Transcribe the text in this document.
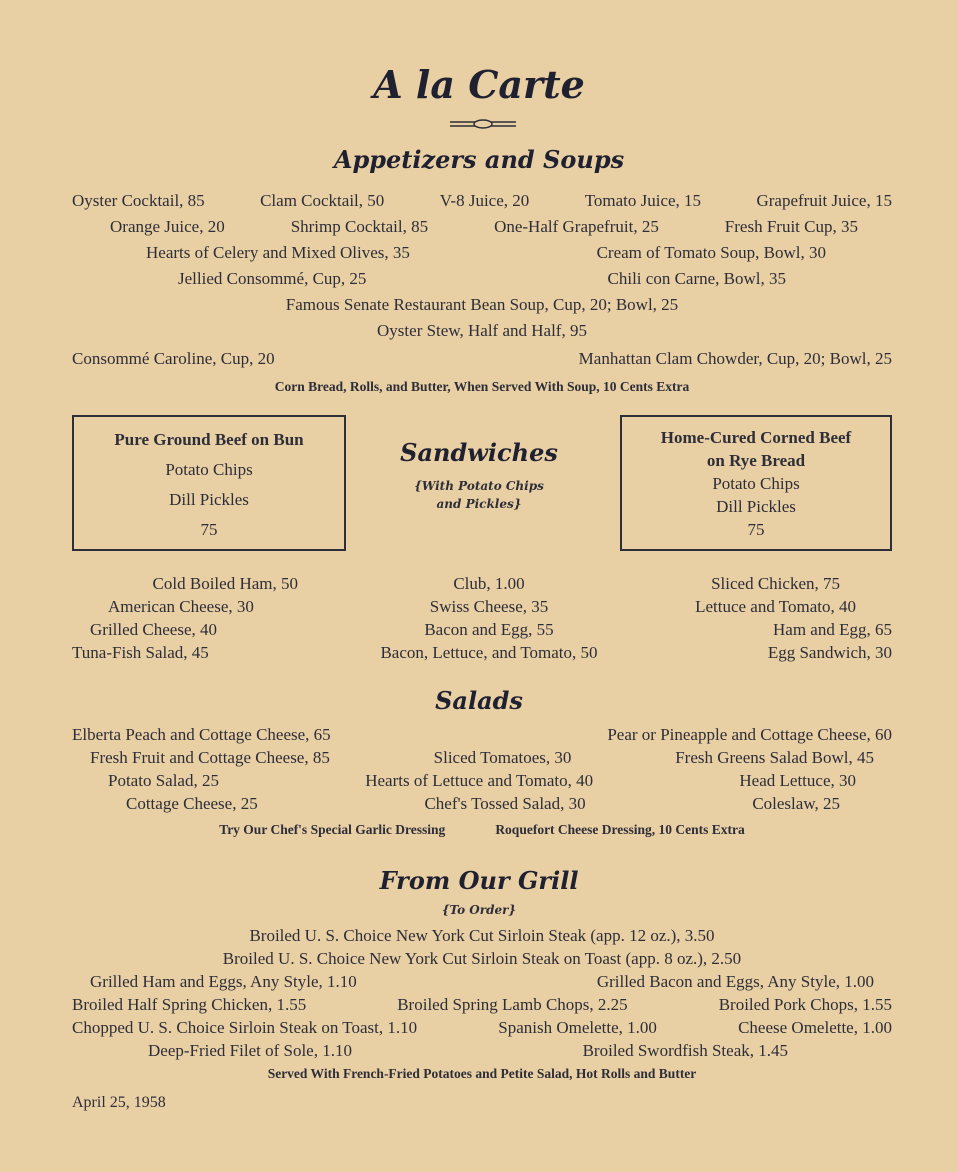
A la Carte
Appetizers and Soups
Oyster Cocktail, 85	Clam Cocktail, 50	V-8 Juice, 20	Tomato Juice, 15	Grapefruit Juice, 15
Orange Juice, 20	Shrimp Cocktail, 85	One-Half Grapefruit, 25	Fresh Fruit Cup, 35
Hearts of Celery and Mixed Olives, 35	Cream of Tomato Soup, Bowl, 30
Jellied Consommé, Cup, 25	Chili con Carne, Bowl, 35
Famous Senate Restaurant Bean Soup, Cup, 20; Bowl, 25
Oyster Stew, Half and Half, 95
Consommé Caroline, Cup, 20	Manhattan Clam Chowder, Cup, 20; Bowl, 25
Corn Bread, Rolls, and Butter, When Served With Soup, 10 Cents Extra
Pure Ground Beef on Bun
Potato Chips
Dill Pickles
75
Sandwiches
{With Potato Chips
and Pickles}
Home-Cured Corned Beef
on Rye Bread
Potato Chips
Dill Pickles
75
Cold Boiled Ham, 50
American Cheese, 30
Grilled Cheese, 40
Tuna-Fish Salad, 45
Club, 1.00
Swiss Cheese, 35
Bacon and Egg, 55
Bacon, Lettuce, and Tomato, 50
Sliced Chicken, 75
Lettuce and Tomato, 40
Ham and Egg, 65
Egg Sandwich, 30
Salads
Elberta Peach and Cottage Cheese, 65	Pear or Pineapple and Cottage Cheese, 60
Fresh Fruit and Cottage Cheese, 85	Sliced Tomatoes, 30	Fresh Greens Salad Bowl, 45
Potato Salad, 25	Hearts of Lettuce and Tomato, 40	Head Lettuce, 30
Cottage Cheese, 25	Chef's Tossed Salad, 30	Coleslaw, 25
Try Our Chef's Special Garlic Dressing	Roquefort Cheese Dressing, 10 Cents Extra
From Our Grill
{To Order}
Broiled U. S. Choice New York Cut Sirloin Steak (app. 12 oz.), 3.50
Broiled U. S. Choice New York Cut Sirloin Steak on Toast (app. 8 oz.), 2.50
Grilled Ham and Eggs, Any Style, 1.10	Grilled Bacon and Eggs, Any Style, 1.00
Broiled Half Spring Chicken, 1.55	Broiled Spring Lamb Chops, 2.25	Broiled Pork Chops, 1.55
Chopped U. S. Choice Sirloin Steak on Toast, 1.10	Spanish Omelette, 1.00	Cheese Omelette, 1.00
Deep-Fried Filet of Sole, 1.10	Broiled Swordfish Steak, 1.45
Served With French-Fried Potatoes and Petite Salad, Hot Rolls and Butter
April 25, 1958
